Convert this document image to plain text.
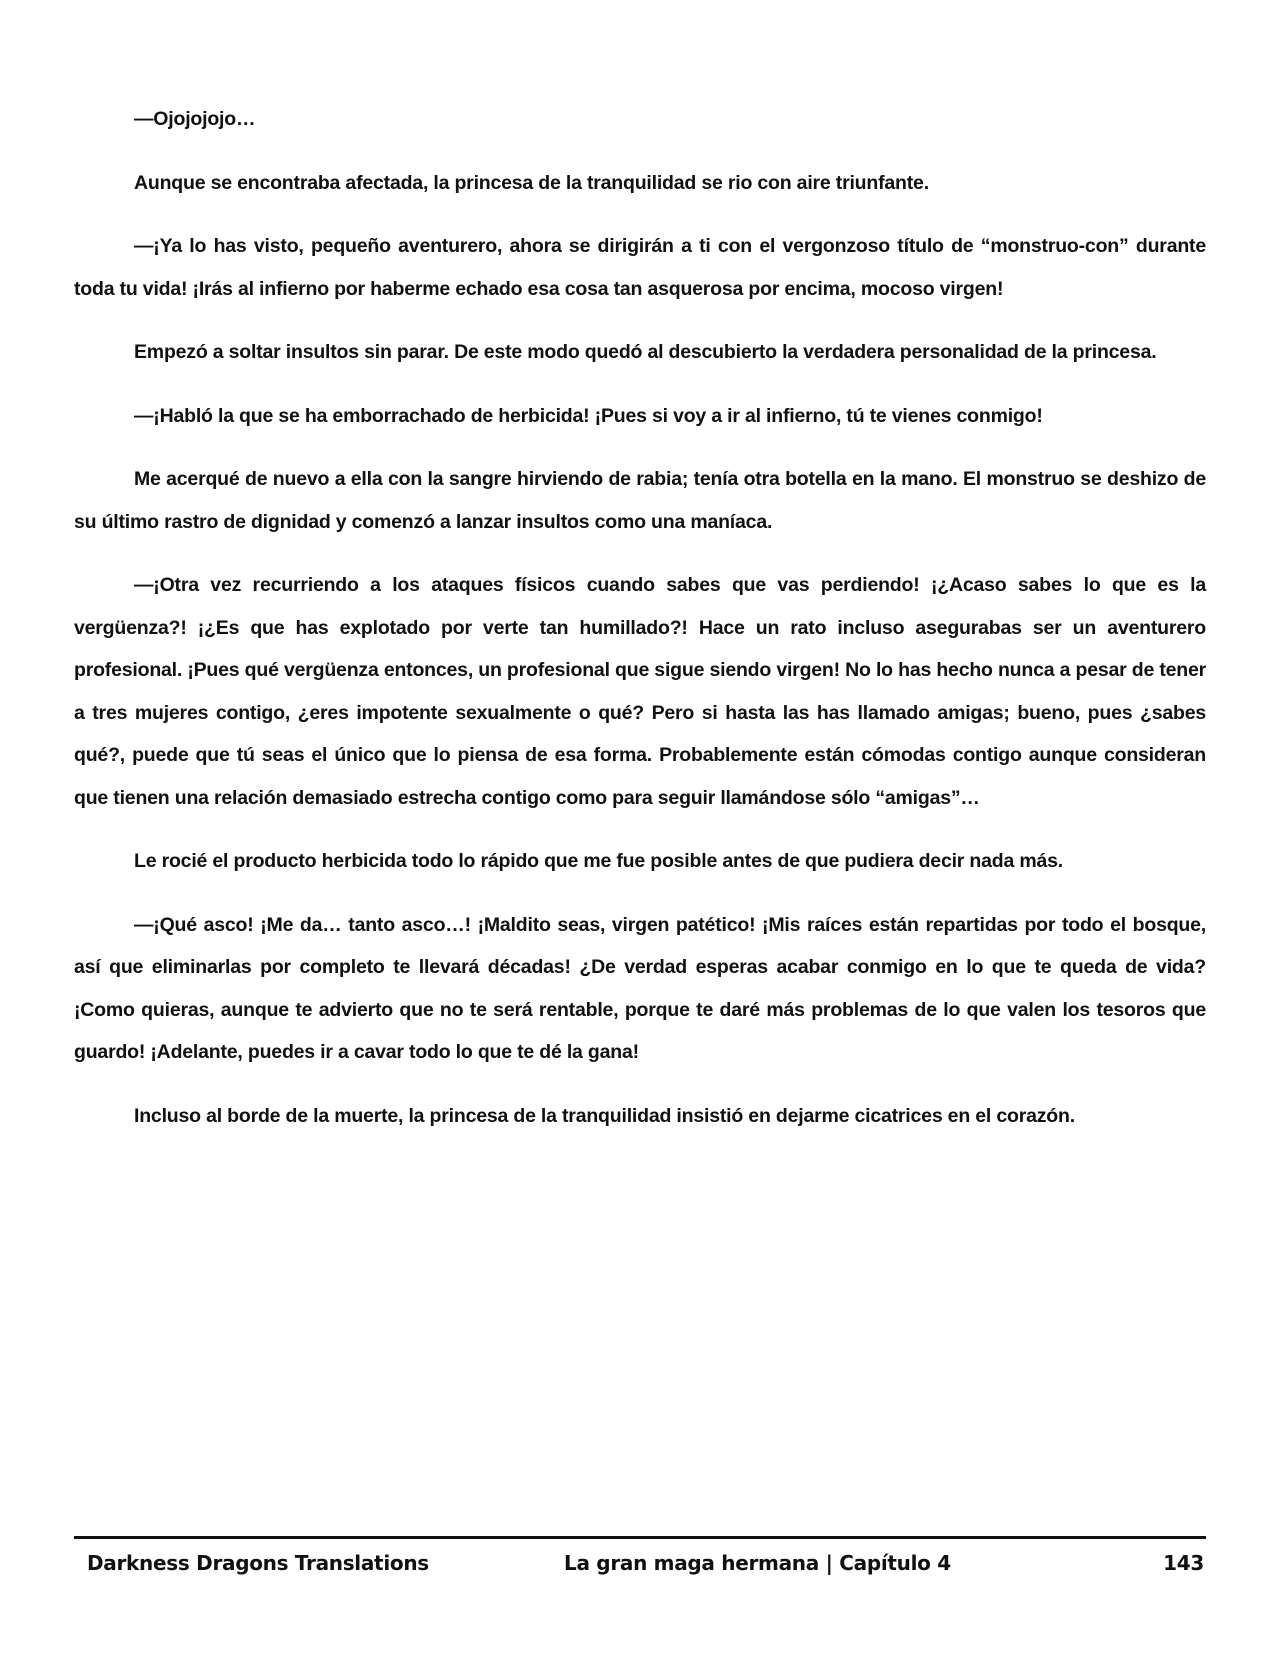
—Ojojojojo…

Aunque se encontraba afectada, la princesa de la tranquilidad se rio con aire triunfante.

—¡Ya lo has visto, pequeño aventurero, ahora se dirigirán a ti con el vergonzoso título de “monstruo-con” durante toda tu vida! ¡Irás al infierno por haberme echado esa cosa tan asquerosa por encima, mocoso virgen!

Empezó a soltar insultos sin parar. De este modo quedó al descubierto la verdadera personalidad de la princesa.

—¡Habló la que se ha emborrachado de herbicida! ¡Pues si voy a ir al infierno, tú te vienes conmigo!

Me acerqué de nuevo a ella con la sangre hirviendo de rabia; tenía otra botella en la mano. El monstruo se deshizo de su último rastro de dignidad y comenzó a lanzar insultos como una maníaca.

—¡Otra vez recurriendo a los ataques físicos cuando sabes que vas perdiendo! ¡¿Acaso sabes lo que es la vergüenza?! ¡¿Es que has explotado por verte tan humillado?! Hace un rato incluso asegurabas ser un aventurero profesional. ¡Pues qué vergüenza entonces, un profesional que sigue siendo virgen! No lo has hecho nunca a pesar de tener a tres mujeres contigo, ¿eres impotente sexualmente o qué? Pero si hasta las has llamado amigas; bueno, pues ¿sabes qué?, puede que tú seas el único que lo piensa de esa forma. Probablemente están cómodas contigo aunque consideran que tienen una relación demasiado estrecha contigo como para seguir llamándose sólo “amigas”…

Le rocié el producto herbicida todo lo rápido que me fue posible antes de que pudiera decir nada más.

—¡Qué asco! ¡Me da… tanto asco…! ¡Maldito seas, virgen patético! ¡Mis raíces están repartidas por todo el bosque, así que eliminarlas por completo te llevará décadas! ¿De verdad esperas acabar conmigo en lo que te queda de vida? ¡Como quieras, aunque te advierto que no te será rentable, porque te daré más problemas de lo que valen los tesoros que guardo! ¡Adelante, puedes ir a cavar todo lo que te dé la gana!

Incluso al borde de la muerte, la princesa de la tranquilidad insistió en dejarme cicatrices en el corazón.

Darkness Dragons Translations	La gran maga hermana | Capítulo 4	143
